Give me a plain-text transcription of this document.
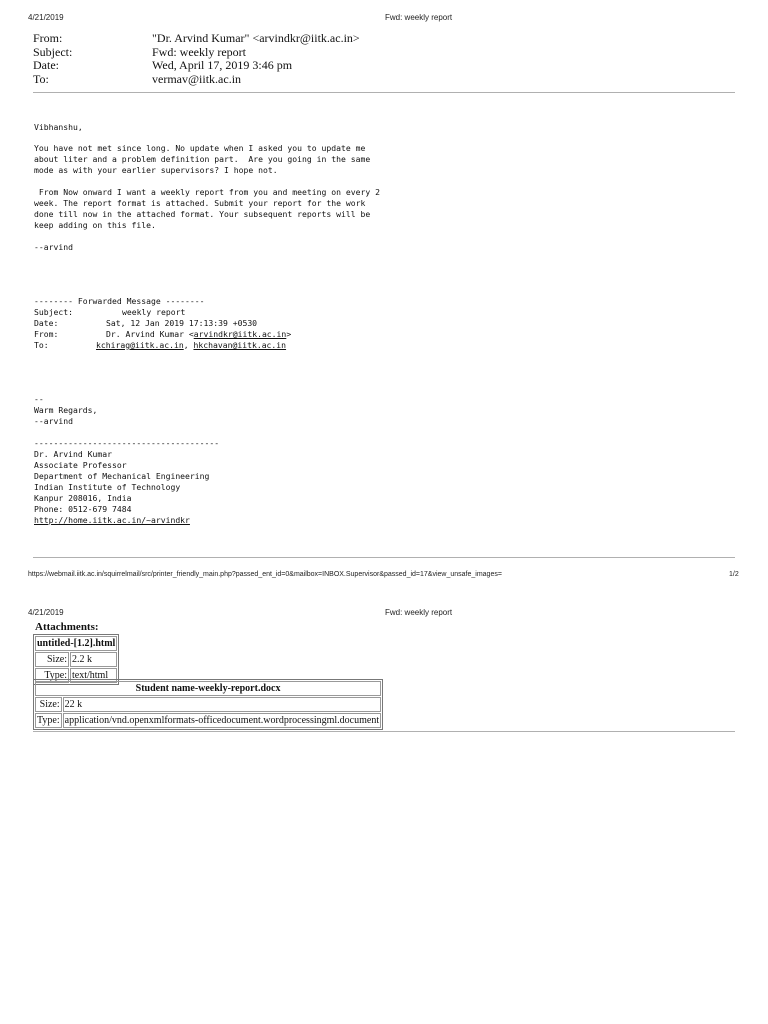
4/21/2019	Fwd: weekly report
From:	"Dr. Arvind Kumar" <arvindkr@iitk.ac.in>
Subject:	Fwd: weekly report
Date:	Wed, April 17, 2019 3:46 pm
To:	vermav@iitk.ac.in
Vibhanshu,
You have not met since long. No update when I asked you to update me
about liter and a problem definition part.  Are you going in the same
mode as with your earlier supervisors? I hope not.
From Now onward I want a weekly report from you and meeting on every 2
week. The report format is attached. Submit your report for the work
done till now in the attached format. Your subsequent reports will be
keep adding on this file.
--arvind
-------- Forwarded Message --------
Subject:	weekly report
Date:	Sat, 12 Jan 2019 17:13:39 +0530
From:	Dr. Arvind Kumar <arvindkr@iitk.ac.in>
To:	kchirag@iitk.ac.in, hkchavan@iitk.ac.in
--
Warm Regards,
--arvind
--------------------------------------
Dr. Arvind Kumar
Associate Professor
Department of Mechanical Engineering
Indian Institute of Technology
Kanpur 208016, India
Phone: 0512-679 7484
http://home.iitk.ac.in/~arvindkr
https://webmail.iitk.ac.in/squirrelmail/src/printer_friendly_main.php?passed_ent_id=0&mailbox=INBOX.Supervisor&passed_id=17&view_unsafe_images=	1/2
4/21/2019	Fwd: weekly report
Attachments:
untitled-[1.2].html	
Size:	2.2 k
Type:	text/html
Student name-weekly-report.docx	
Size:	22 k
Type:	application/vnd.openxmlformats-officedocument.wordprocessingml.document
